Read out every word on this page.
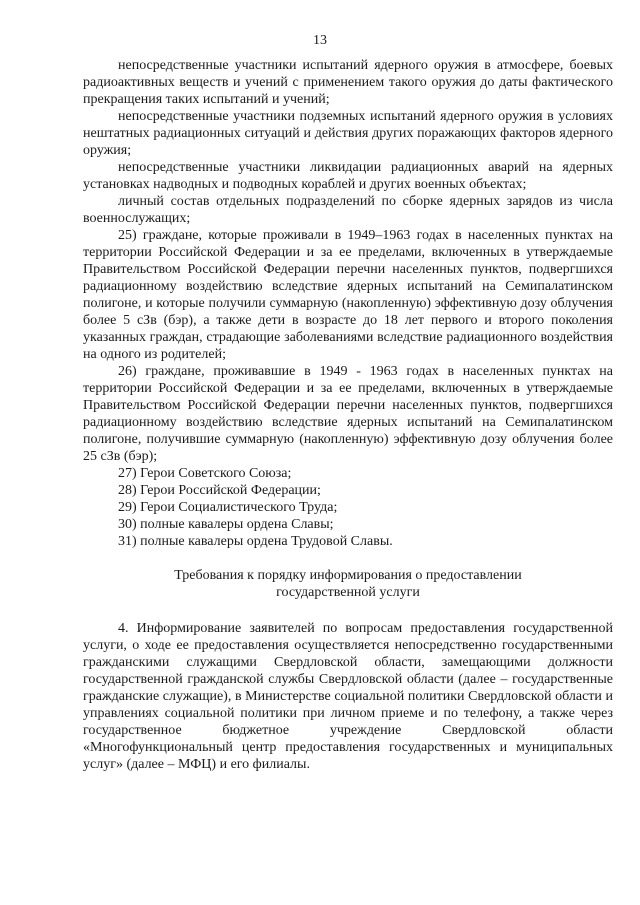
13

непосредственные участники испытаний ядерного оружия в атмосфере, боевых радиоактивных веществ и учений с применением такого оружия до даты фактического прекращения таких испытаний и учений;

непосредственные участники подземных испытаний ядерного оружия в условиях нештатных радиационных ситуаций и действия других поражающих факторов ядерного оружия;

непосредственные участники ликвидации радиационных аварий на ядерных установках надводных и подводных кораблей и других военных объектах;

личный состав отдельных подразделений по сборке ядерных зарядов из числа военнослужащих;

25) граждане, которые проживали в 1949–1963 годах в населенных пунктах на территории Российской Федерации и за ее пределами, включенных в утверждаемые Правительством Российской Федерации перечни населенных пунктов, подвергшихся радиационному воздействию вследствие ядерных испытаний на Семипалатинском полигоне, и которые получили суммарную (накопленную) эффективную дозу облучения более 5 сЗв (бэр), а также дети в возрасте до 18 лет первого и второго поколения указанных граждан, страдающие заболеваниями вследствие радиационного воздействия на одного из родителей;

26) граждане, проживавшие в 1949 - 1963 годах в населенных пунктах на территории Российской Федерации и за ее пределами, включенных в утверждаемые Правительством Российской Федерации перечни населенных пунктов, подвергшихся радиационному воздействию вследствие ядерных испытаний на Семипалатинском полигоне, получившие суммарную (накопленную) эффективную дозу облучения более 25 сЗв (бэр);

27) Герои Советского Союза;

28) Герои Российской Федерации;

29) Герои Социалистического Труда;

30) полные кавалеры ордена Славы;

31) полные кавалеры ордена Трудовой Славы.

Требования к порядку информирования о предоставлении
государственной услуги

4. Информирование заявителей по вопросам предоставления государственной услуги, о ходе ее предоставления осуществляется непосредственно государственными гражданскими служащими Свердловской области, замещающими должности государственной гражданской службы Свердловской области (далее – государственные гражданские служащие), в Министерстве социальной политики Свердловской области и управлениях социальной политики при личном приеме и по телефону, а также через государственное бюджетное учреждение Свердловской области «Многофункциональный центр предоставления государственных и муниципальных услуг» (далее – МФЦ) и его филиалы.
